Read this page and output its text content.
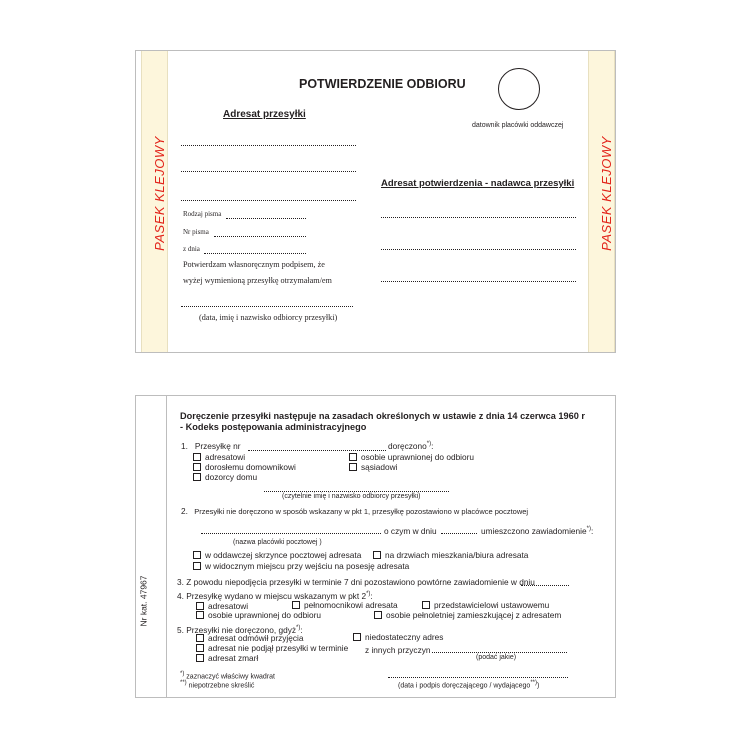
PASEK KLEJOWY	PASEK KLEJOWY
POTWIERDZENIE ODBIORU
datownik placówki oddawczej
Adresat przesyłki
Rodzaj pisma
Nr pisma
z dnia
Potwierdzam własnoręcznym podpisem, że
wyżej wymienioną przesyłkę otrzymałam/em
(data, imię i nazwisko odbiorcy przesyłki)
Adresat potwierdzenia - nadawca przesyłki
Nr kat. 47967
Doręczenie przesyłki następuje na zasadach określonych w ustawie z dnia 14 czerwca 1960 r
- Kodeks postępowania administracyjnego
1. Przesyłkę nr	doręczono*):
adresatowi
dorosłemu domownikowi
dozorcy domu
osobie uprawnionej do odbioru
sąsiadowi
(czytelnie imię i nazwisko odbiorcy przesyłki)
2. Przesyłki nie doręczono w sposób wskazany w pkt 1, przesyłkę pozostawiono w placówce pocztowej
o czym w dniu	umieszczono zawiadomienie*):
(nazwa placówki pocztowej )
w oddawczej skrzynce pocztowej adresata	na drzwiach mieszkania/biura adresata
w widocznym miejscu przy wejściu na posesję adresata
3. Z powodu niepodjęcia przesyłki w terminie 7 dni pozostawiono powtórne zawiadomienie w dniu
4. Przesyłkę wydano w miejscu wskazanym w pkt 2*):
adresatowi	pełnomocnikowi adresata	przedstawicielowi ustawowemu
osobie uprawnionej do odbioru	osobie pełnoletniej zamieszkującej z adresatem
5. Przesyłki nie doręczono, gdyż*):
adresat odmówił przyjęcia
adresat nie podjął przesyłki w terminie
adresat zmarł
niedostateczny adres
z innych przyczyn
(podać jakie)
*) zaznaczyć właściwy kwadrat
**) niepotrzebne skreślić	(data i podpis doręczającego / wydającego**))
